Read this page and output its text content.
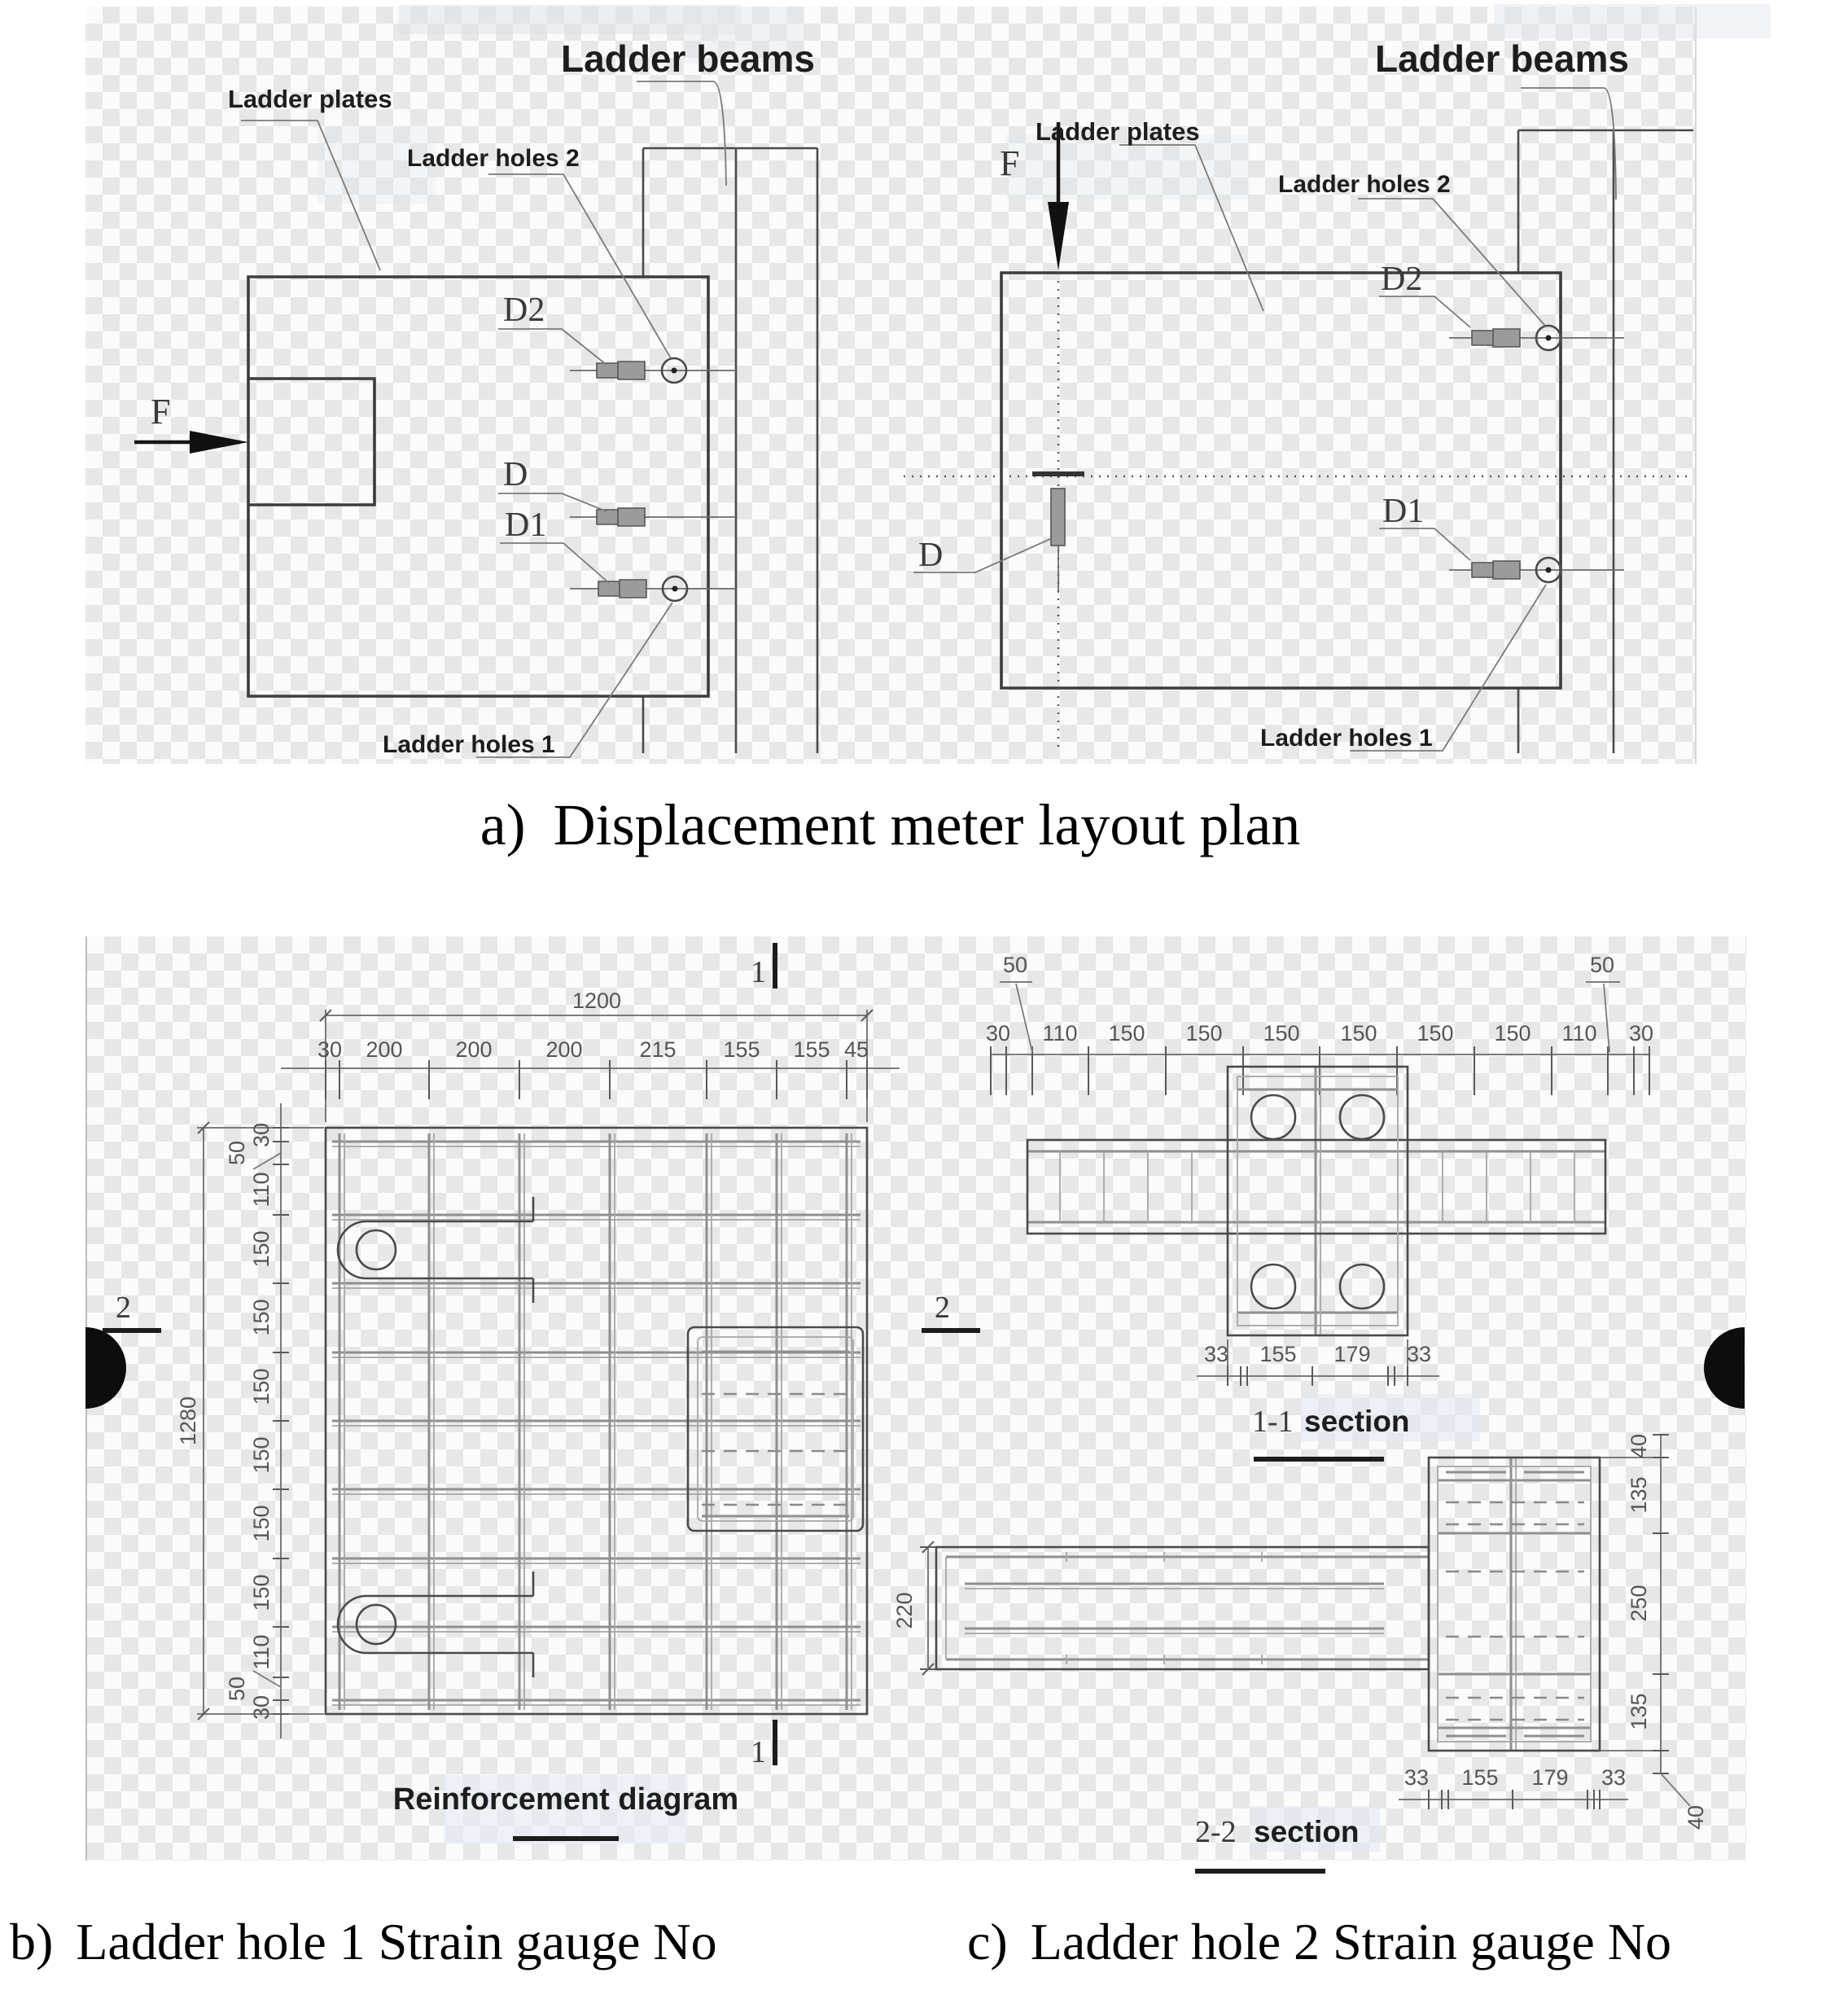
F
Ladder beams
Ladder plates
Ladder holes 2
D2
D
D1
Ladder holes 1
F
Ladder beams
Ladder plates
Ladder holes 2
D2
D
D1
Ladder holes 1
1200
30 200 200 200	215 155 155 45
1280
30
110
150
150
150
150
150
150
110
30
50
50
1
1
2	2
Reinforcement diagram
50	50
30 110 150 150 150 150 150 150 110 30
33 155 179 33
1-1 section
220
40
135
250
135
40
33 155 179 33
2-2 section
a) Displacement meter layout plan
b) Ladder hole 1 Strain gauge No	c) Ladder hole 2 Strain gauge No
